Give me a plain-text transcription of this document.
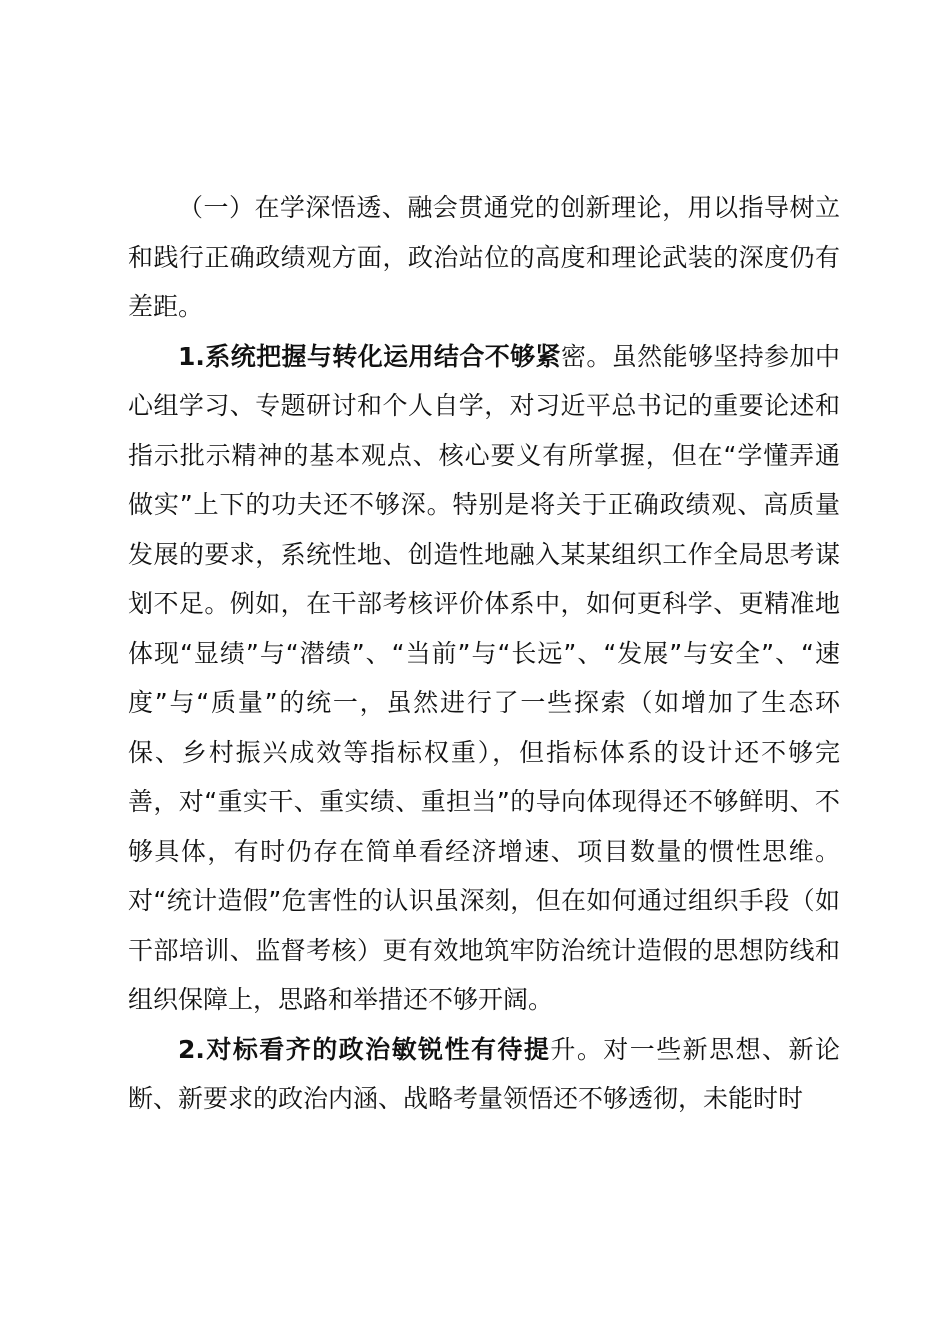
（一）在学深悟透、融会贯通党的创新理论，用以指导树立和践行正确政绩观方面，政治站位的高度和理论武装的深度仍有差距。

1.系统把握与转化运用结合不够紧密。虽然能够坚持参加中心组学习、专题研讨和个人自学，对习近平总书记的重要论述和指示批示精神的基本观点、核心要义有所掌握，但在“学懂弄通做实”上下的功夫还不够深。特别是将关于正确政绩观、高质量发展的要求，系统性地、创造性地融入某某组织工作全局思考谋划不足。例如，在干部考核评价体系中，如何更科学、更精准地体现“显绩”与“潜绩”、“当前”与“长远”、“发展”与安全”、“速度”与“质量”的统一，虽然进行了一些探索（如增加了生态环保、乡村振兴成效等指标权重），但指标体系的设计还不够完善，对“重实干、重实绩、重担当”的导向体现得还不够鲜明、不够具体，有时仍存在简单看经济增速、项目数量的惯性思维。对“统计造假”危害性的认识虽深刻，但在如何通过组织手段（如干部培训、监督考核）更有效地筑牢防治统计造假的思想防线和组织保障上，思路和举措还不够开阔。

2.对标看齐的政治敏锐性有待提升。对一些新思想、新论断、新要求的政治内涵、战略考量领悟还不够透彻，未能时时
